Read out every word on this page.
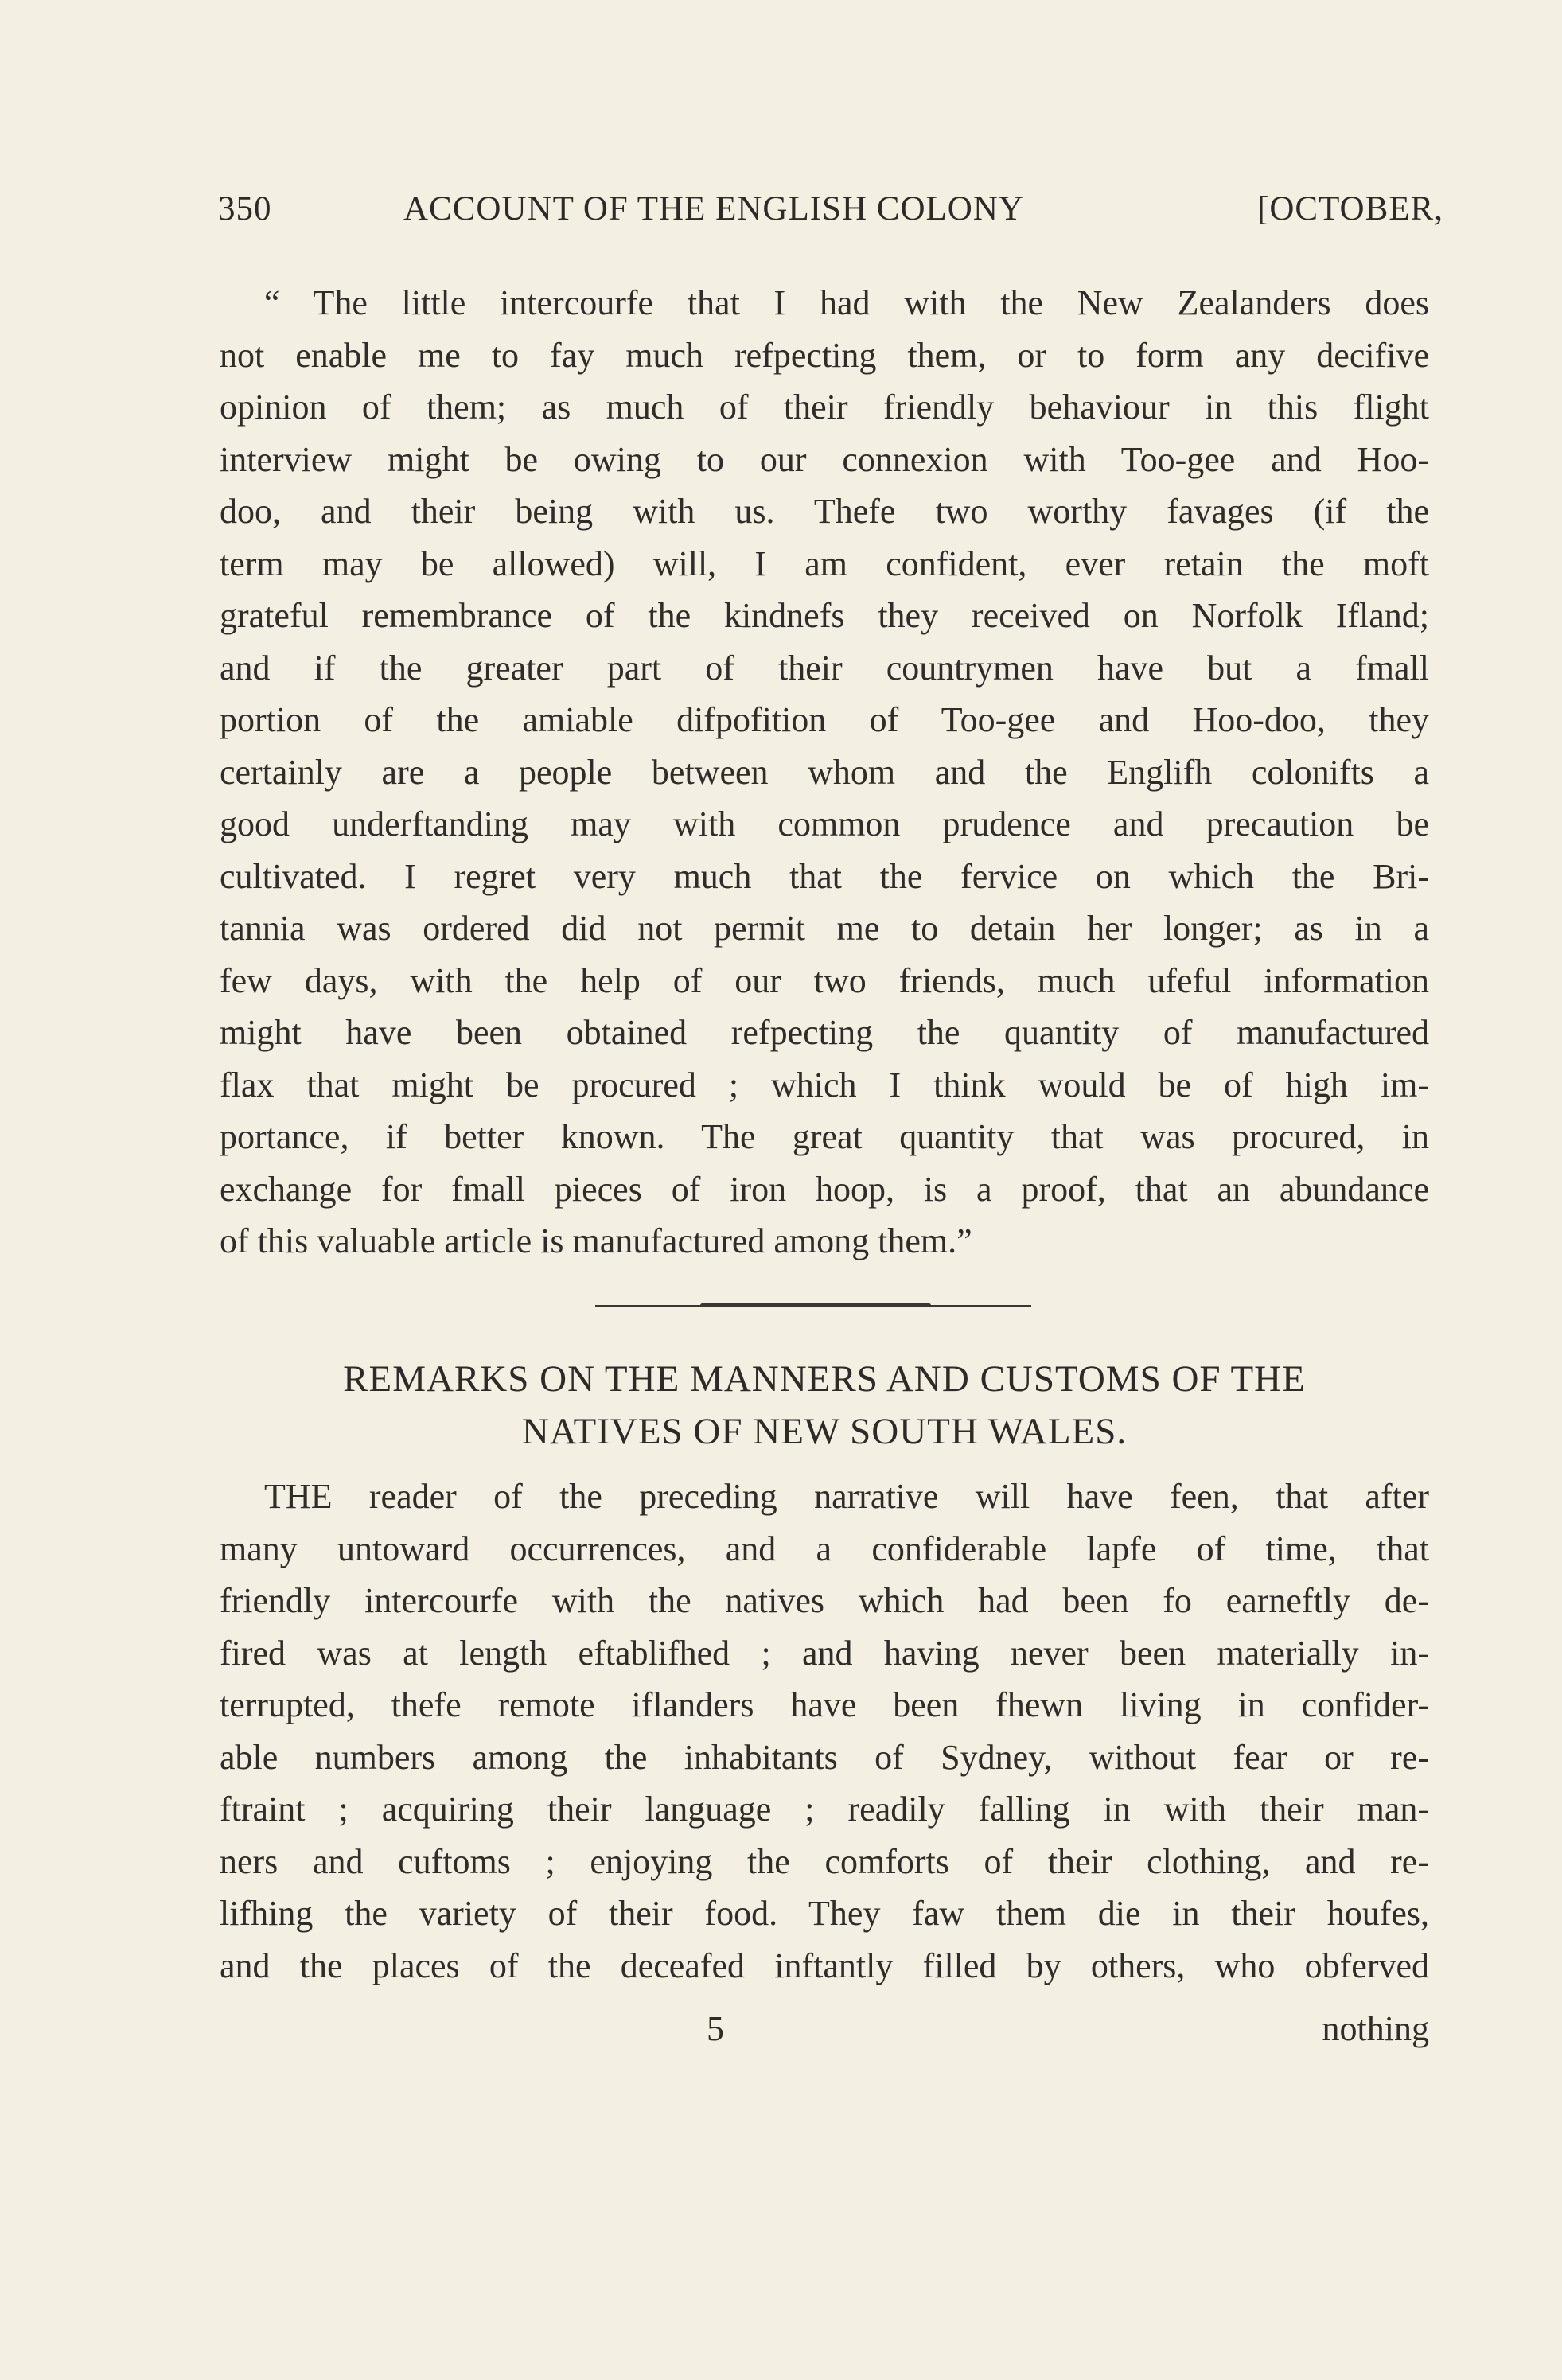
350	ACCOUNT OF THE ENGLISH COLONY	[OCTOBER,
“ The little intercourfe that I had with the New Zealanders does
not enable me to fay much refpecting them, or to form any decifive
opinion of them; as much of their friendly behaviour in this flight
interview might be owing to our connexion with Too-gee and Hoo-
doo, and their being with us. Thefe two worthy favages (if the
term may be allowed) will, I am confident, ever retain the moft
grateful remembrance of the kindnefs they received on Norfolk Ifland;
and if the greater part of their countrymen have but a fmall
portion of the amiable difpofition of Too-gee and Hoo-doo, they
certainly are a people between whom and the Englifh colonifts a
good underftanding may with common prudence and precaution be
cultivated. I regret very much that the fervice on which the Bri-
tannia was ordered did not permit me to detain her longer; as in a
few days, with the help of our two friends, much ufeful information
might have been obtained refpecting the quantity of manufactured
flax that might be procured ; which I think would be of high im-
portance, if better known. The great quantity that was procured, in
exchange for fmall pieces of iron hoop, is a proof, that an abundance
of this valuable article is manufactured among them.”
REMARKS ON THE MANNERS AND CUSTOMS OF THE
NATIVES OF NEW SOUTH WALES.
THE reader of the preceding narrative will have feen, that after
many untoward occurrences, and a confiderable lapfe of time, that
friendly intercourfe with the natives which had been fo earneftly de-
fired was at length eftablifhed ; and having never been materially in-
terrupted, thefe remote iflanders have been fhewn living in confider-
able numbers among the inhabitants of Sydney, without fear or re-
ftraint ; acquiring their language ; readily falling in with their man-
ners and cuftoms ; enjoying the comforts of their clothing, and re-
lifhing the variety of their food. They faw them die in their houfes,
and the places of the deceafed inftantly filled by others, who obferved
5	nothing
